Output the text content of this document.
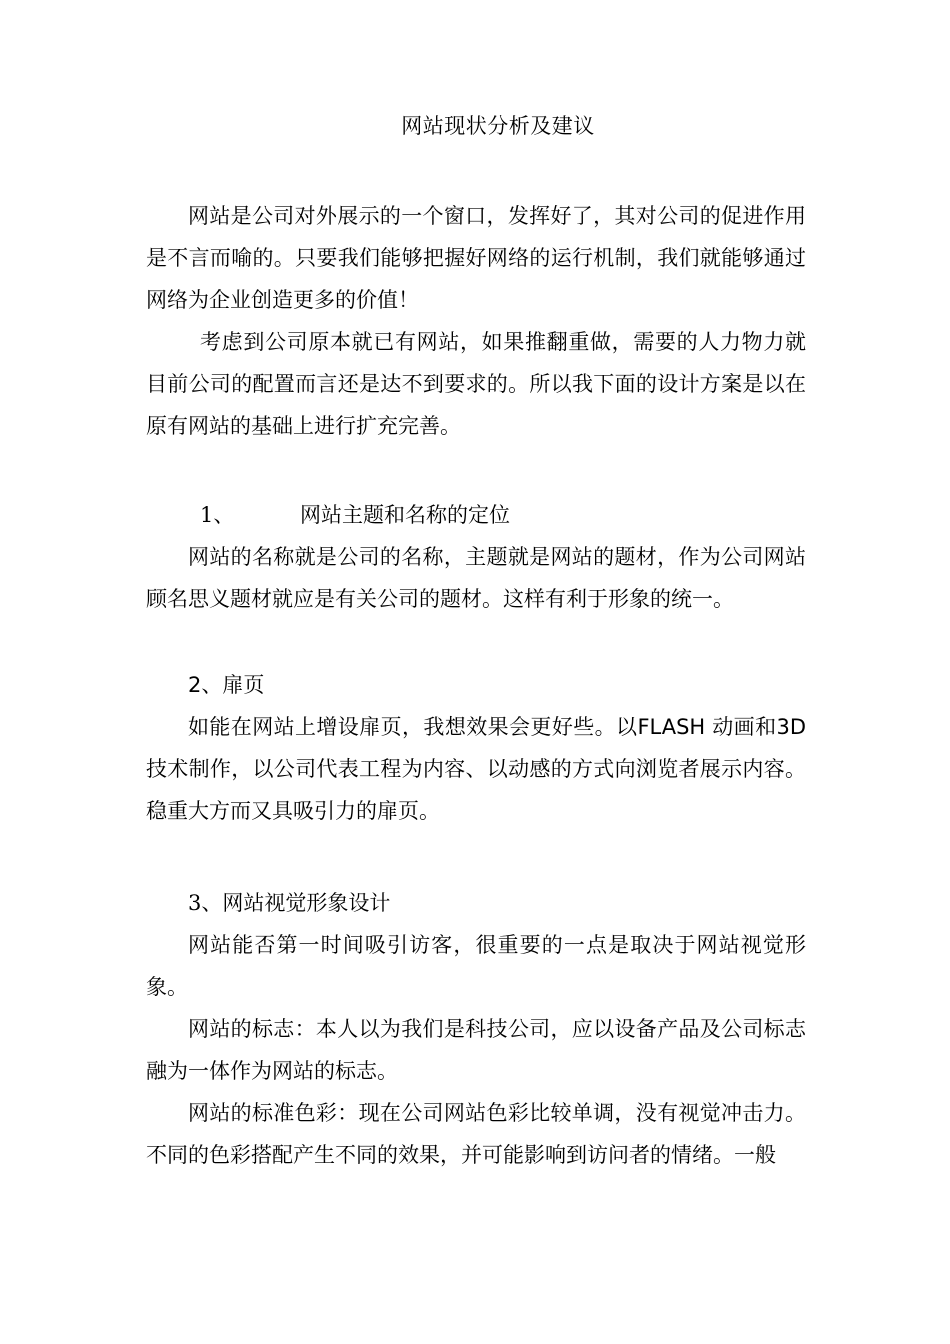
网站现状分析及建议

网站是公司对外展示的一个窗口，发挥好了，其对公司的促进作用是不言而喻的。只要我们能够把握好网络的运行机制，我们就能够通过网络为企业创造更多的价值！

考虑到公司原本就已有网站，如果推翻重做，需要的人力物力就目前公司的配置而言还是达不到要求的。所以我下面的设计方案是以在原有网站的基础上进行扩充完善。

1、	网站主题和名称的定位

网站的名称就是公司的名称，主题就是网站的题材，作为公司网站顾名思义题材就应是有关公司的题材。这样有利于形象的统一。

2、扉页

如能在网站上增设扉页，我想效果会更好些。以FLASH 动画和3D 技术制作，以公司代表工程为内容、以动感的方式向浏览者展示内容。稳重大方而又具吸引力的扉页。

3、网站视觉形象设计

网站能否第一时间吸引访客，很重要的一点是取决于网站视觉形象。

网站的标志：本人以为我们是科技公司，应以设备产品及公司标志融为一体作为网站的标志。

网站的标准色彩：现在公司网站色彩比较单调，没有视觉冲击力。不同的色彩搭配产生不同的效果，并可能影响到访问者的情绪。一般
